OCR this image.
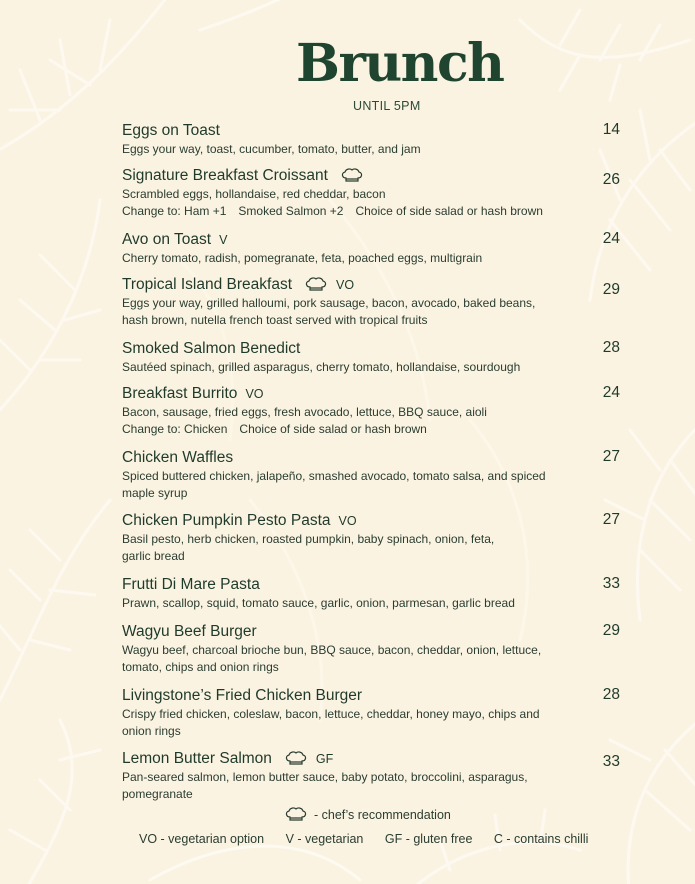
Brunch
UNTIL 5PM
Eggs on Toast	14
Eggs your way, toast, cucumber, tomato, butter, and jam
Signature Breakfast Croissant	26
Scrambled eggs, hollandaise, red cheddar, bacon
Change to: Ham +1 Smoked Salmon +2 Choice of side salad or hash brown
Avo on Toast V	24
Cherry tomato, radish, pomegranate, feta, poached eggs, multigrain
Tropical Island Breakfast	VO	29
Eggs your way, grilled halloumi, pork sausage, bacon, avocado, baked beans,
hash brown, nutella french toast served with tropical fruits
Smoked Salmon Benedict	28
Sautéed spinach, grilled asparagus, cherry tomato, hollandaise, sourdough
Breakfast Burrito VO	24
Bacon, sausage, fried eggs, fresh avocado, lettuce, BBQ sauce, aioli
Change to: Chicken Choice of side salad or hash brown
Chicken Waffles	27
Spiced buttered chicken, jalapeño, smashed avocado, tomato salsa, and spiced
maple syrup
Chicken Pumpkin Pesto Pasta VO	27
Basil pesto, herb chicken, roasted pumpkin, baby spinach, onion, feta,
garlic bread
Frutti Di Mare Pasta	33
Prawn, scallop, squid, tomato sauce, garlic, onion, parmesan, garlic bread
Wagyu Beef Burger	29
Wagyu beef, charcoal brioche bun, BBQ sauce, bacon, cheddar, onion, lettuce,
tomato, chips and onion rings
Livingstone’s Fried Chicken Burger	28
Crispy fried chicken, coleslaw, bacon, lettuce, cheddar, honey mayo, chips and
onion rings
Lemon Butter Salmon	GF	33
Pan-seared salmon, lemon butter sauce, baby potato, broccolini, asparagus,
pomegranate
- chef’s recommendation
VO - vegetarian option V - vegetarian GF - gluten free C - contains chilli
